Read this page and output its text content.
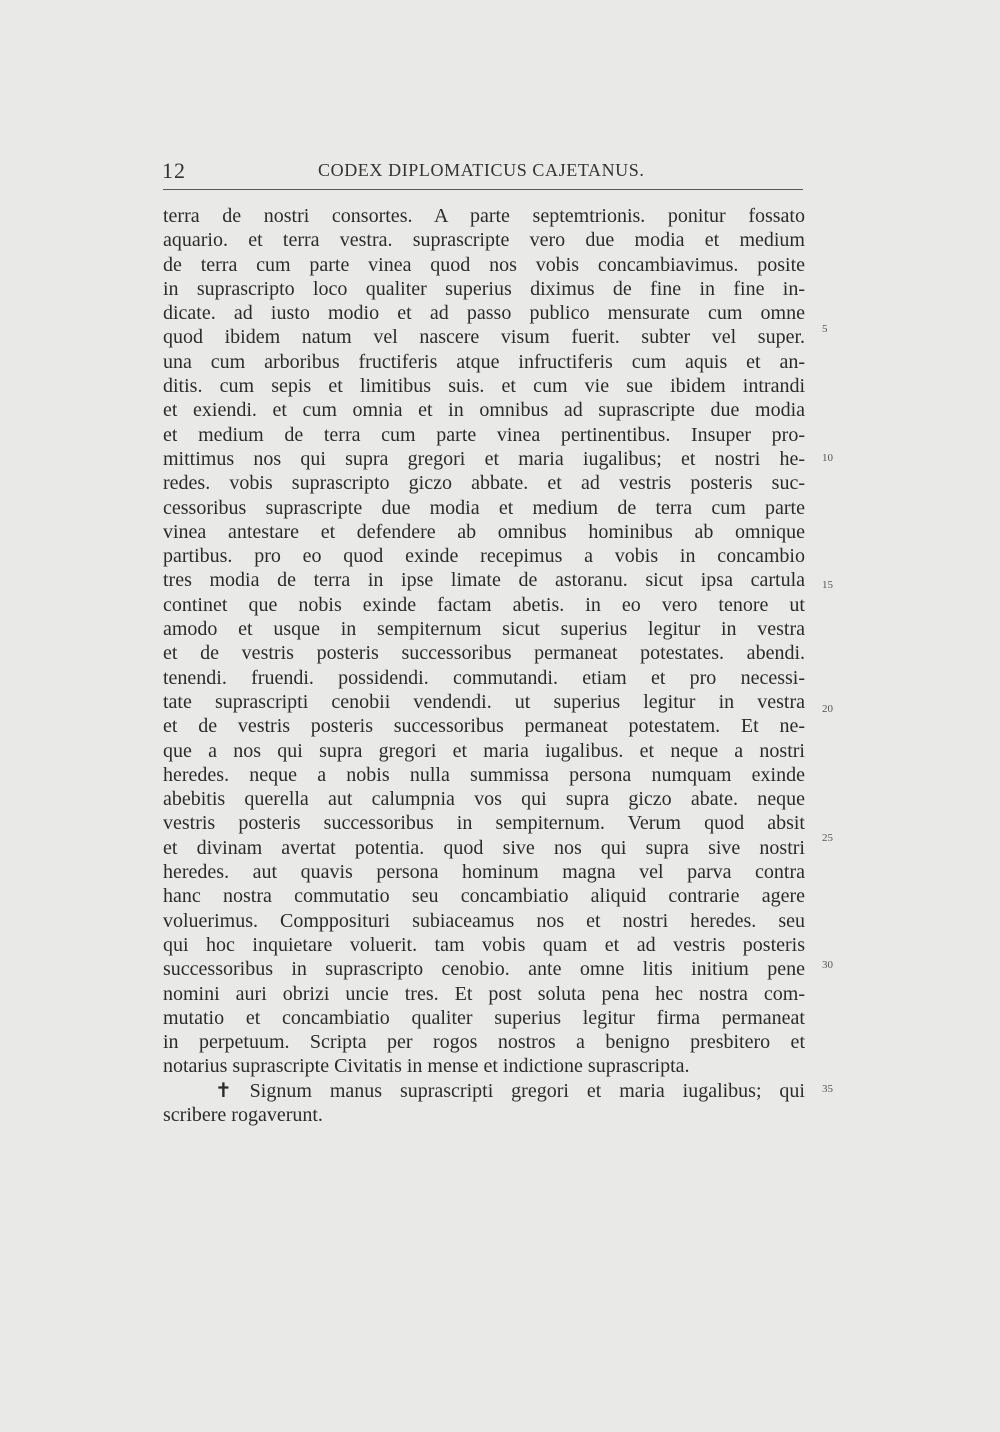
12	CODEX DIPLOMATICUS CAJETANUS.
terra de nostri consortes. A parte septemtrionis. ponitur fossato
aquario. et terra vestra. suprascripte vero due modia et medium
de terra cum parte vinea quod nos vobis concambiavimus. posite
in suprascripto loco qualiter superius diximus de fine in fine in-
dicate. ad iusto modio et ad passo publico mensurate cum omne
quod ibidem natum vel nascere visum fuerit. subter vel super.
una cum arboribus fructiferis atque infructiferis cum aquis et an-
ditis. cum sepis et limitibus suis. et cum vie sue ibidem intrandi
et exiendi. et cum omnia et in omnibus ad suprascripte due modia
et medium de terra cum parte vinea pertinentibus. Insuper pro-
mittimus nos qui supra gregori et maria iugalibus; et nostri he-
redes. vobis suprascripto giczo abbate. et ad vestris posteris suc-
cessoribus suprascripte due modia et medium de terra cum parte
vinea antestare et defendere ab omnibus hominibus ab omnique
partibus. pro eo quod exinde recepimus a vobis in concambio
tres modia de terra in ipse limate de astoranu. sicut ipsa cartula
continet que nobis exinde factam abetis. in eo vero tenore ut
amodo et usque in sempiternum sicut superius legitur in vestra
et de vestris posteris successoribus permaneat potestates. abendi.
tenendi. fruendi. possidendi. commutandi. etiam et pro necessi-
tate suprascripti cenobii vendendi. ut superius legitur in vestra
et de vestris posteris successoribus permaneat potestatem. Et ne-
que a nos qui supra gregori et maria iugalibus. et neque a nostri
heredes. neque a nobis nulla summissa persona numquam exinde
abebitis querella aut calumpnia vos qui supra giczo abate. neque
vestris posteris successoribus in sempiternum. Verum quod absit
et divinam avertat potentia. quod sive nos qui supra sive nostri
heredes. aut quavis persona hominum magna vel parva contra
hanc nostra commutatio seu concambiatio aliquid contrarie agere
voluerimus. Compposituri subiaceamus nos et nostri heredes. seu
qui hoc inquietare voluerit. tam vobis quam et ad vestris posteris
successoribus in suprascripto cenobio. ante omne litis initium pene
nomini auri obrizi uncie tres. Et post soluta pena hec nostra com-
mutatio et concambiatio qualiter superius legitur firma permaneat
in perpetuum. Scripta per rogos nostros a benigno presbitero et
notarius suprascripte Civitatis in mense et indictione suprascripta.
✝ Signum manus suprascripti gregori et maria iugalibus; qui
scribere rogaverunt.
5
10
15
20
25
30
35
